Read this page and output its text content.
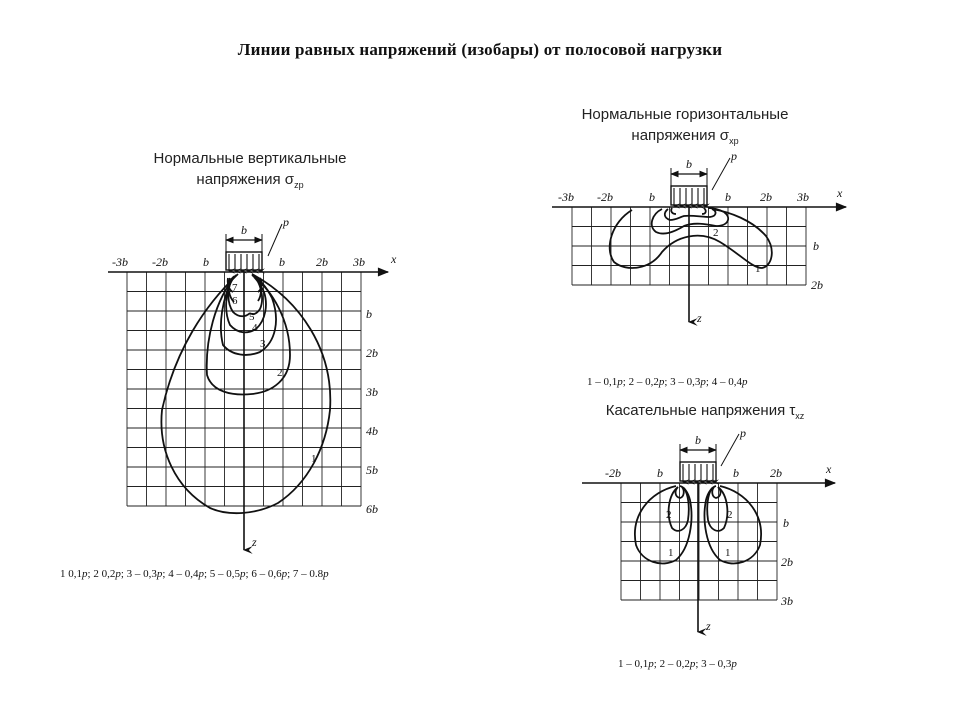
Линии равных напряжений (изобары) от полосовой нагрузки
Нормальные вертикальные
напряжения $\sigma_{zp}$
Нормальные горизонтальные
напряжения $\sigma_{xp}$
Касательные напряжения $\tau_{xz}$
-3b -2b	b	b	2b 3b x
z
b
p
b
2b
3b
4b
5b
6b
7
6
5
4
3
2
1
1 0,1p; 2 0,2p; 3 – 0,3p; 4 – 0,4p; 5 – 0,5p; 6 – 0,6p; 7 – 0.8p
-3b -2b	b	b 2b 3b x
z
b
p
b
2b
2
1
1 – 0,1p; 2 – 0,2p; 3 – 0,3p; 4 – 0,4p
-2b	b	b	2b	x
z
b	p
b
2b
3b
2	2
1	1
1 – 0,1p; 2 – 0,2p; 3 – 0,3p
